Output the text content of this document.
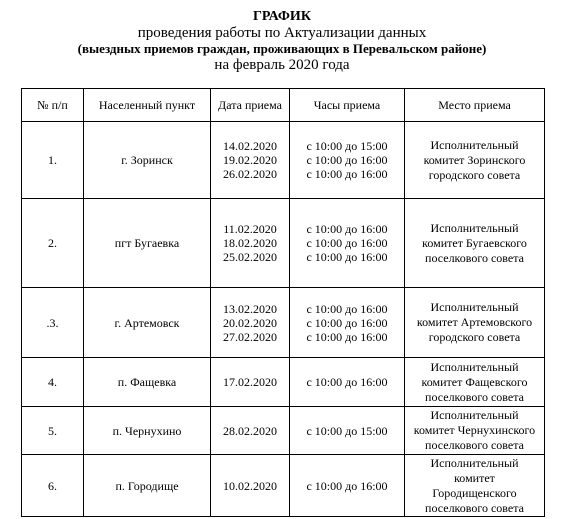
ГРАФИК
проведения работы по Актуализации данных
(выездных приемов граждан, проживающих в Перевальском районе)
на февраль 2020 года
№ п/п	Населенный пункт	Дата приема	Часы приема	Место приема
1.	г. Зоринск	14.02.2020
19.02.2020
26.02.2020	с 10:00 до 15:00
с 10:00 до 16:00
с 10:00 до 16:00	Исполнительный
комитет Зоринского
городского совета

2.	пгт Бугаевка	11.02.2020
18.02.2020
25.02.2020	с 10:00 до 16:00
с 10:00 до 16:00
с 10:00 до 16:00	Исполнительный
комитет Бугаевского
поселкового совета

.3.	г. Артемовск	13.02.2020
20.02.2020
27.02.2020	с 10:00 до 16:00
с 10:00 до 16:00
с 10:00 до 16:00	Исполнительный
комитет Артемовского
городского совета

4.	п. Фащевка	17.02.2020	с 10:00 до 16:00	Исполнительный
комитет Фащевского
поселкового совета

5.	п. Чернухино	28.02.2020	с 10:00 до 15:00	Исполнительный
комитет Чернухинского
поселкового совета

6.	п. Городище	10.02.2020	с 10:00 до 16:00	Исполнительный
комитет
Городищенского
поселкового совета
